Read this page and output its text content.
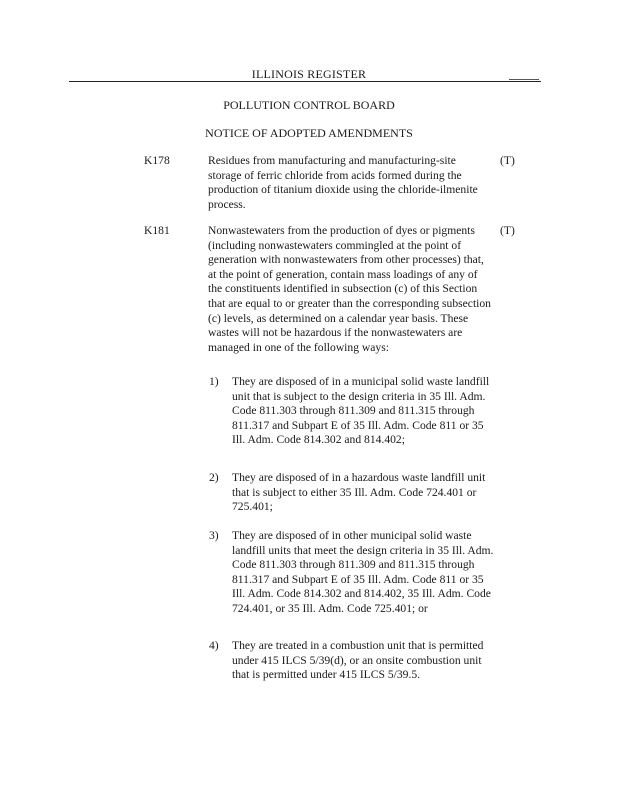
ILLINOIS REGISTER
POLLUTION CONTROL BOARD
NOTICE OF ADOPTED AMENDMENTS
K178	Residues from manufacturing and manufacturing-site storage of ferric chloride from acids formed during the production of titanium dioxide using the chloride-ilmenite process.
(T)
K181	Nonwastewaters from the production of dyes or pigments (including nonwastewaters commingled at the point of generation with nonwastewaters from other processes) that, at the point of generation, contain mass loadings of any of the constituents identified in subsection (c) of this Section that are equal to or greater than the corresponding subsection (c) levels, as determined on a calendar year basis. These wastes will not be hazardous if the nonwastewaters are managed in one of the following ways:
(T)
1) They are disposed of in a municipal solid waste landfill unit that is subject to the design criteria in 35 Ill. Adm. Code 811.303 through 811.309 and 811.315 through 811.317 and Subpart E of 35 Ill. Adm. Code 811 or 35 Ill. Adm. Code 814.302 and 814.402;
2) They are disposed of in a hazardous waste landfill unit that is subject to either 35 Ill. Adm. Code 724.401 or 725.401;
3) They are disposed of in other municipal solid waste landfill units that meet the design criteria in 35 Ill. Adm. Code 811.303 through 811.309 and 811.315 through 811.317 and Subpart E of 35 Ill. Adm. Code 811 or 35 Ill. Adm. Code 814.302 and 814.402, 35 Ill. Adm. Code 724.401, or 35 Ill. Adm. Code 725.401; or
4) They are treated in a combustion unit that is permitted under 415 ILCS 5/39(d), or an onsite combustion unit that is permitted under 415 ILCS 5/39.5.
